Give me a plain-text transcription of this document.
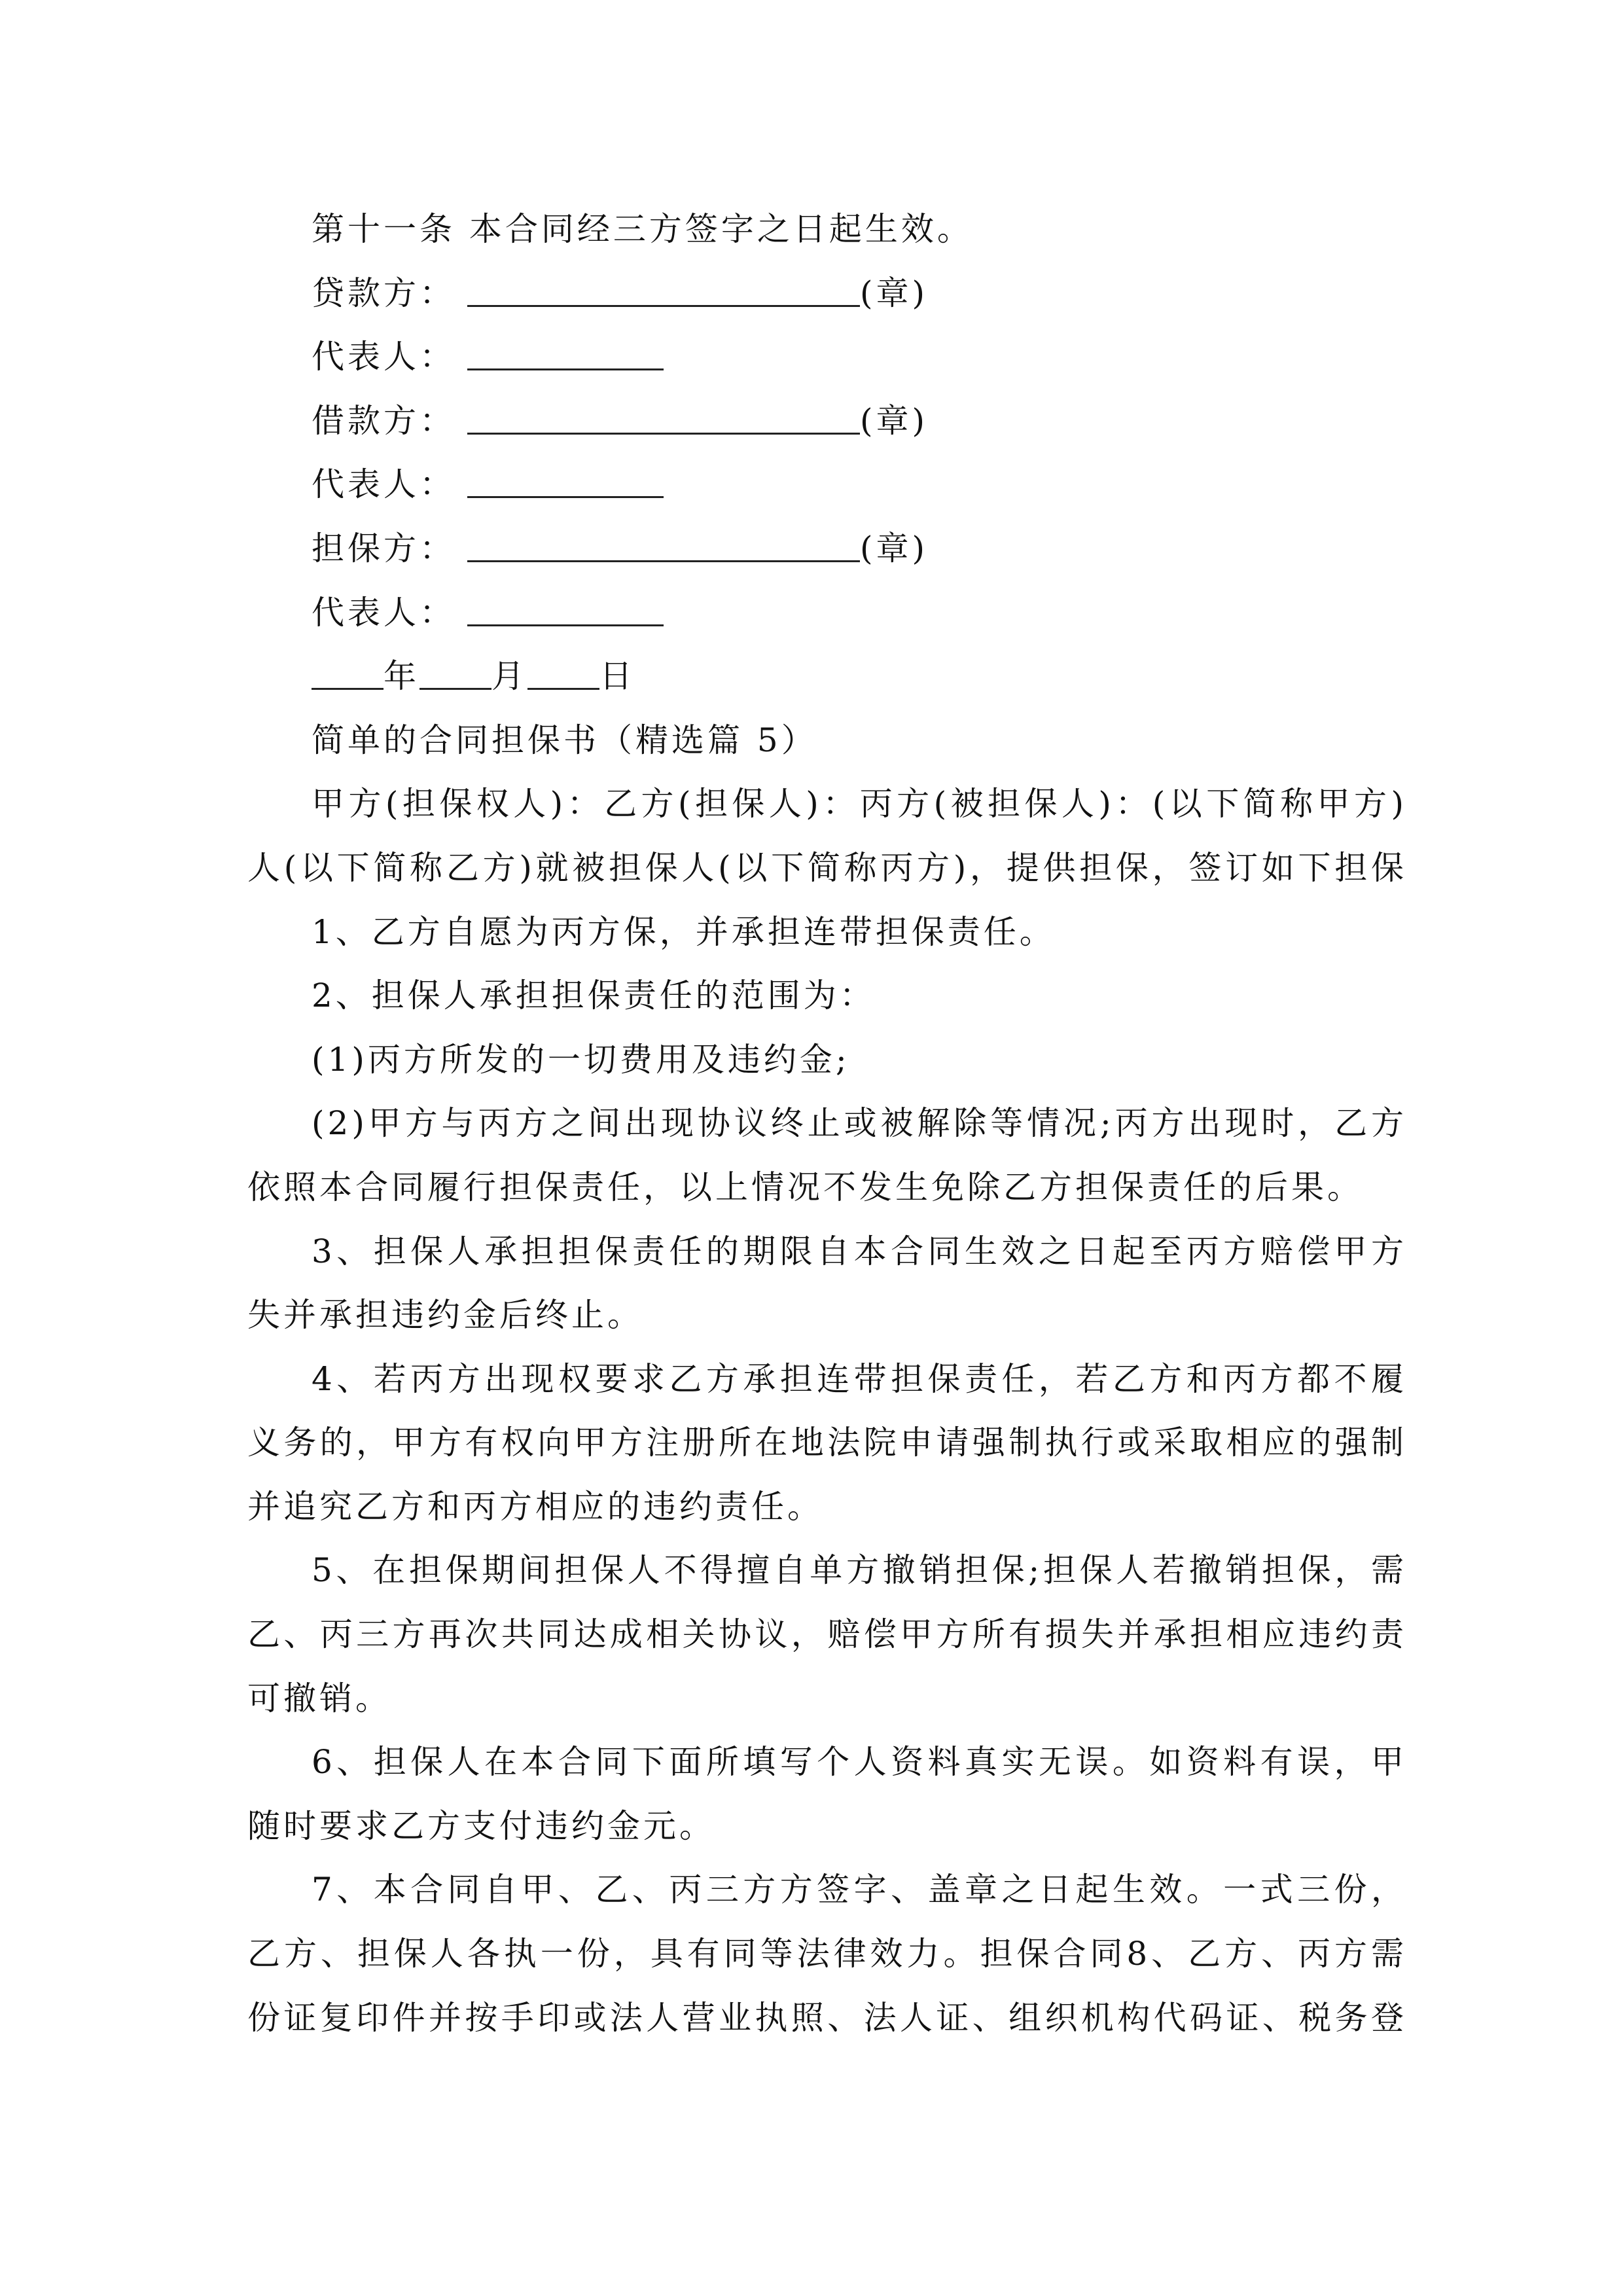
第十一条 本合同经三方签字之日起生效。
贷款方：	(章)
代表人：
借款方：	(章)
代表人：
担保方：	(章)
代表人：
年 月 日
简单的合同担保书（精选篇 5）
甲方(担保权人)：乙方(担保人)：丙方(被担保人)：(以下简称甲方)
人(以下简称乙方)就被担保人(以下简称丙方)，提供担保，签订如下担保
1、乙方自愿为丙方保，并承担连带担保责任。
2、担保人承担担保责任的范围为：
(1)丙方所发的一切费用及违约金;
(2)甲方与丙方之间出现协议终止或被解除等情况;丙方出现时，乙方
依照本合同履行担保责任，以上情况不发生免除乙方担保责任的后果。
3、担保人承担担保责任的期限自本合同生效之日起至丙方赔偿甲方
失并承担违约金后终止。
4、若丙方出现权要求乙方承担连带担保责任，若乙方和丙方都不履
义务的，甲方有权向甲方注册所在地法院申请强制执行或采取相应的强制
并追究乙方和丙方相应的违约责任。
5、在担保期间担保人不得擅自单方撤销担保;担保人若撤销担保，需
乙、丙三方再次共同达成相关协议，赔偿甲方所有损失并承担相应违约责
可撤销。
6、担保人在本合同下面所填写个人资料真实无误。如资料有误，甲
随时要求乙方支付违约金元。
7、本合同自甲、乙、丙三方方签字、盖章之日起生效。一式三份，
乙方、担保人各执一份，具有同等法律效力。担保合同8、乙方、丙方需
份证复印件并按手印或法人营业执照、法人证、组织机构代码证、税务登
